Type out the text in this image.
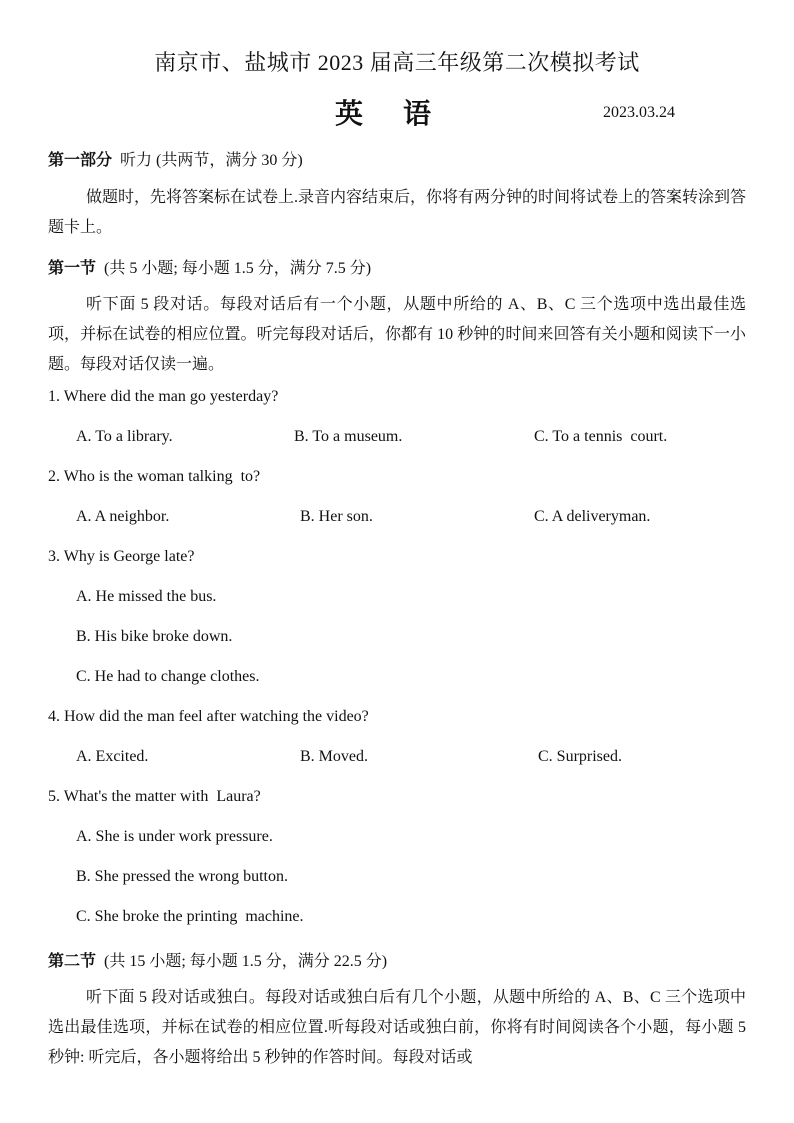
南京市、盐城市 2023 届高三年级第二次模拟考试
英语	2023.03.24
第一部分  听力 (共两节，满分 30 分)
做题时，先将答案标在试卷上.录音内容结束后，你将有两分钟的时间将试卷上的答案转涂到答题卡上。
第一节  (共 5 小题; 每小题 1.5 分，满分 7.5 分)
听下面 5 段对话。每段对话后有一个小题，从题中所给的 A、B、C 三个选项中选出最佳选项，并标在试卷的相应位置。听完每段对话后，你都有 10 秒钟的时间来回答有关小题和阅读下一小题。每段对话仅读一遍。
1. Where did the man go yesterday?
A. To a library.	B. To a museum.	C. To a tennis  court.
2. Who is the woman talking  to?
A. A neighbor.	B. Her son.	C. A deliveryman.
3. Why is George late?
A. He missed the bus.
B. His bike broke down.
C. He had to change clothes.
4. How did the man feel after watching the video?
A. Excited.	B. Moved.	C. Surprised.
5. What's the matter with  Laura?
A. She is under work pressure.
B. She pressed the wrong button.
C. She broke the printing  machine.
第二节  (共 15 小题; 每小题 1.5 分，满分 22.5 分)
听下面 5 段对话或独白。每段对话或独白后有几个小题，从题中所给的 A、B、C 三个选项中选出最佳选项，并标在试卷的相应位置.听每段对话或独白前，你将有时间阅读各个小题，每小题 5 秒钟: 听完后，各小题将给出 5 秒钟的作答时间。每段对话或
